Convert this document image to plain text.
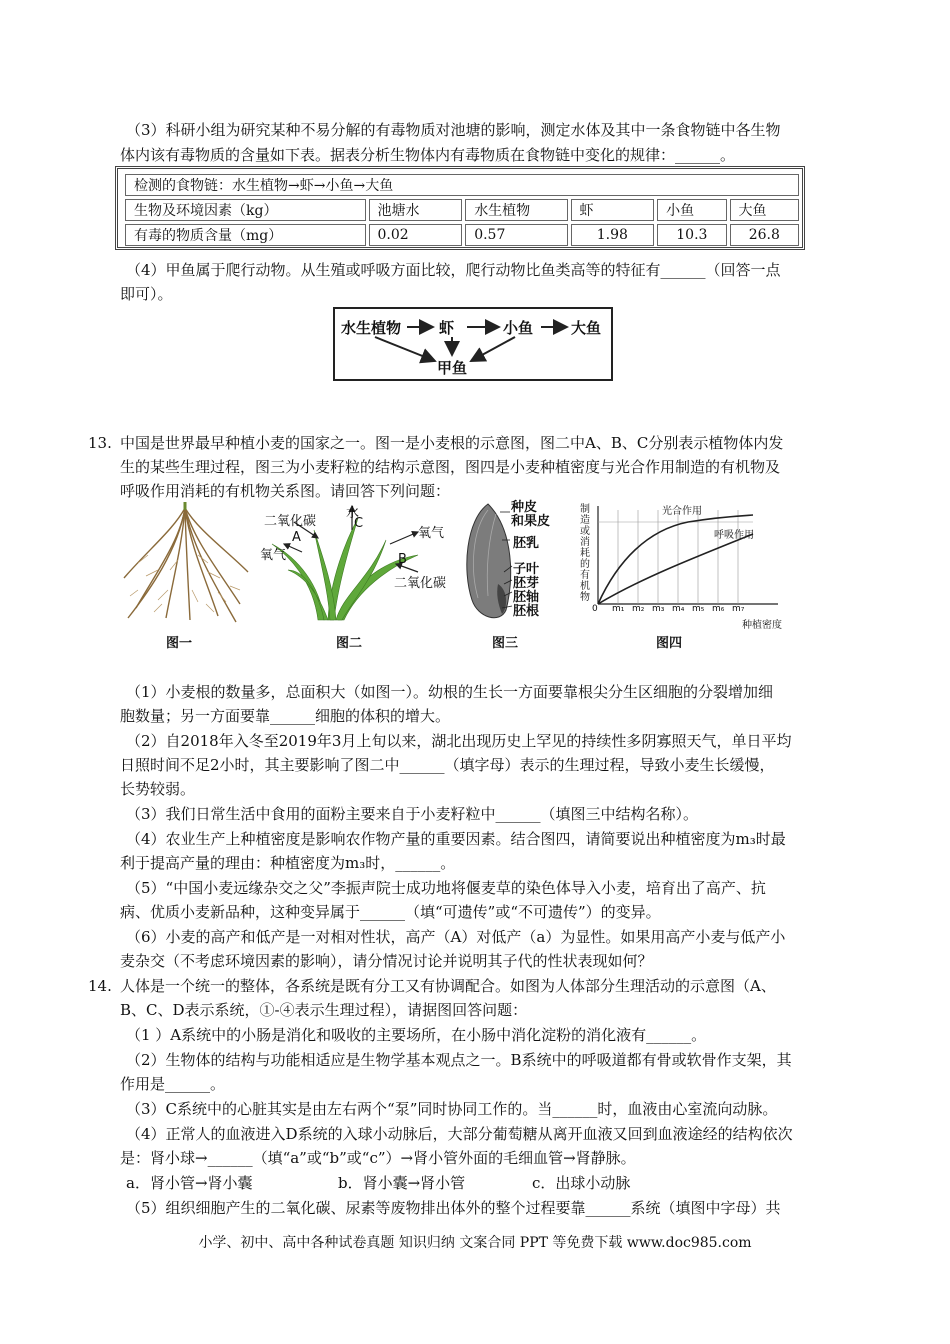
（3）科研小组为研究某种不易分解的有毒物质对池塘的影响，测定水体及其中一条食物链中各生物
体内该有毒物质的含量如下表。据表分析生物体内有毒物质在食物链中变化的规律：______。
检测的食物链：水生植物→虾→小鱼→大鱼					
生物及环境因素（kg）	池塘水	水生植物	虾	小鱼	大鱼
有毒的物质含量（mg）	0.02	0.57	1.98	10.3	26.8
（4）甲鱼属于爬行动物。从生殖或呼吸方面比较，爬行动物比鱼类高等的特征有______（回答一点
即可）。
水生植物	虾	小鱼	大鱼
甲鱼
13. 中国是世界最早种植小麦的国家之一。图一是小麦根的示意图，图二中A、B、C分别表示植物体内发
生的某些生理过程，图三为小麦籽粒的结构示意图，图四是小麦种植密度与光合作用制造的有机物及
呼吸作用消耗的有机物关系图。请回答下列问题：
二氧化碳
水
C
A
氧气
氧气
B
二氧化碳
种皮
和果皮
胚乳
子叶
胚芽
胚轴
胚根
制造或消耗的有机物
光合作用
呼吸作用
0 m₁ m₂ m₃ m₄ m₅ m₆ m₇
种植密度
图一	图二	图三	图四
（1）小麦根的数量多，总面积大（如图一）。幼根的生长一方面要靠根尖分生区细胞的分裂增加细
胞数量；另一方面要靠______细胞的体积的增大。
（2）自2018年入冬至2019年3月上旬以来，湖北出现历史上罕见的持续性多阴寡照天气，单日平均
日照时间不足2小时，其主要影响了图二中______（填字母）表示的生理过程，导致小麦生长缓慢，
长势较弱。
（3）我们日常生活中食用的面粉主要来自于小麦籽粒中______（填图三中结构名称）。
（4）农业生产上种植密度是影响农作物产量的重要因素。结合图四，请简要说出种植密度为m₃时最
利于提高产量的理由：种植密度为m₃时，______。
（5）“中国小麦远缘杂交之父”李振声院士成功地将偃麦草的染色体导入小麦，培育出了高产、抗
病、优质小麦新品种，这种变异属于______（填“可遗传”或“不可遗传”）的变异。
（6）小麦的高产和低产是一对相对性状，高产（A）对低产（a）为显性。如果用高产小麦与低产小
麦杂交（不考虑环境因素的影响），请分情况讨论并说明其子代的性状表现如何？
14. 人体是一个统一的整体，各系统是既有分工又有协调配合。如图为人体部分生理活动的示意图（A、
B、C、D表示系统，①-④表示生理过程），请据图回答问题：
（1 ）A系统中的小肠是消化和吸收的主要场所，在小肠中消化淀粉的消化液有______。
（2）生物体的结构与功能相适应是生物学基本观点之一。B系统中的呼吸道都有骨或软骨作支架，其
作用是______。
（3）C系统中的心脏其实是由左右两个“泵”同时协同工作的。当______时，血液由心室流向动脉。
（4）正常人的血液进入D系统的入球小动脉后，大部分葡萄糖从离开血液又回到血液途经的结构依次
是：肾小球→______（填“a”或“b”或“c”）→肾小管外面的毛细血管→肾静脉。
a．肾小管→肾小囊	b．肾小囊→肾小管	c．出球小动脉
（5）组织细胞产生的二氧化碳、尿素等废物排出体外的整个过程要靠______系统（填图中字母）共
小学、初中、高中各种试卷真题 知识归纳 文案合同 PPT 等免费下载 www.doc985.com
